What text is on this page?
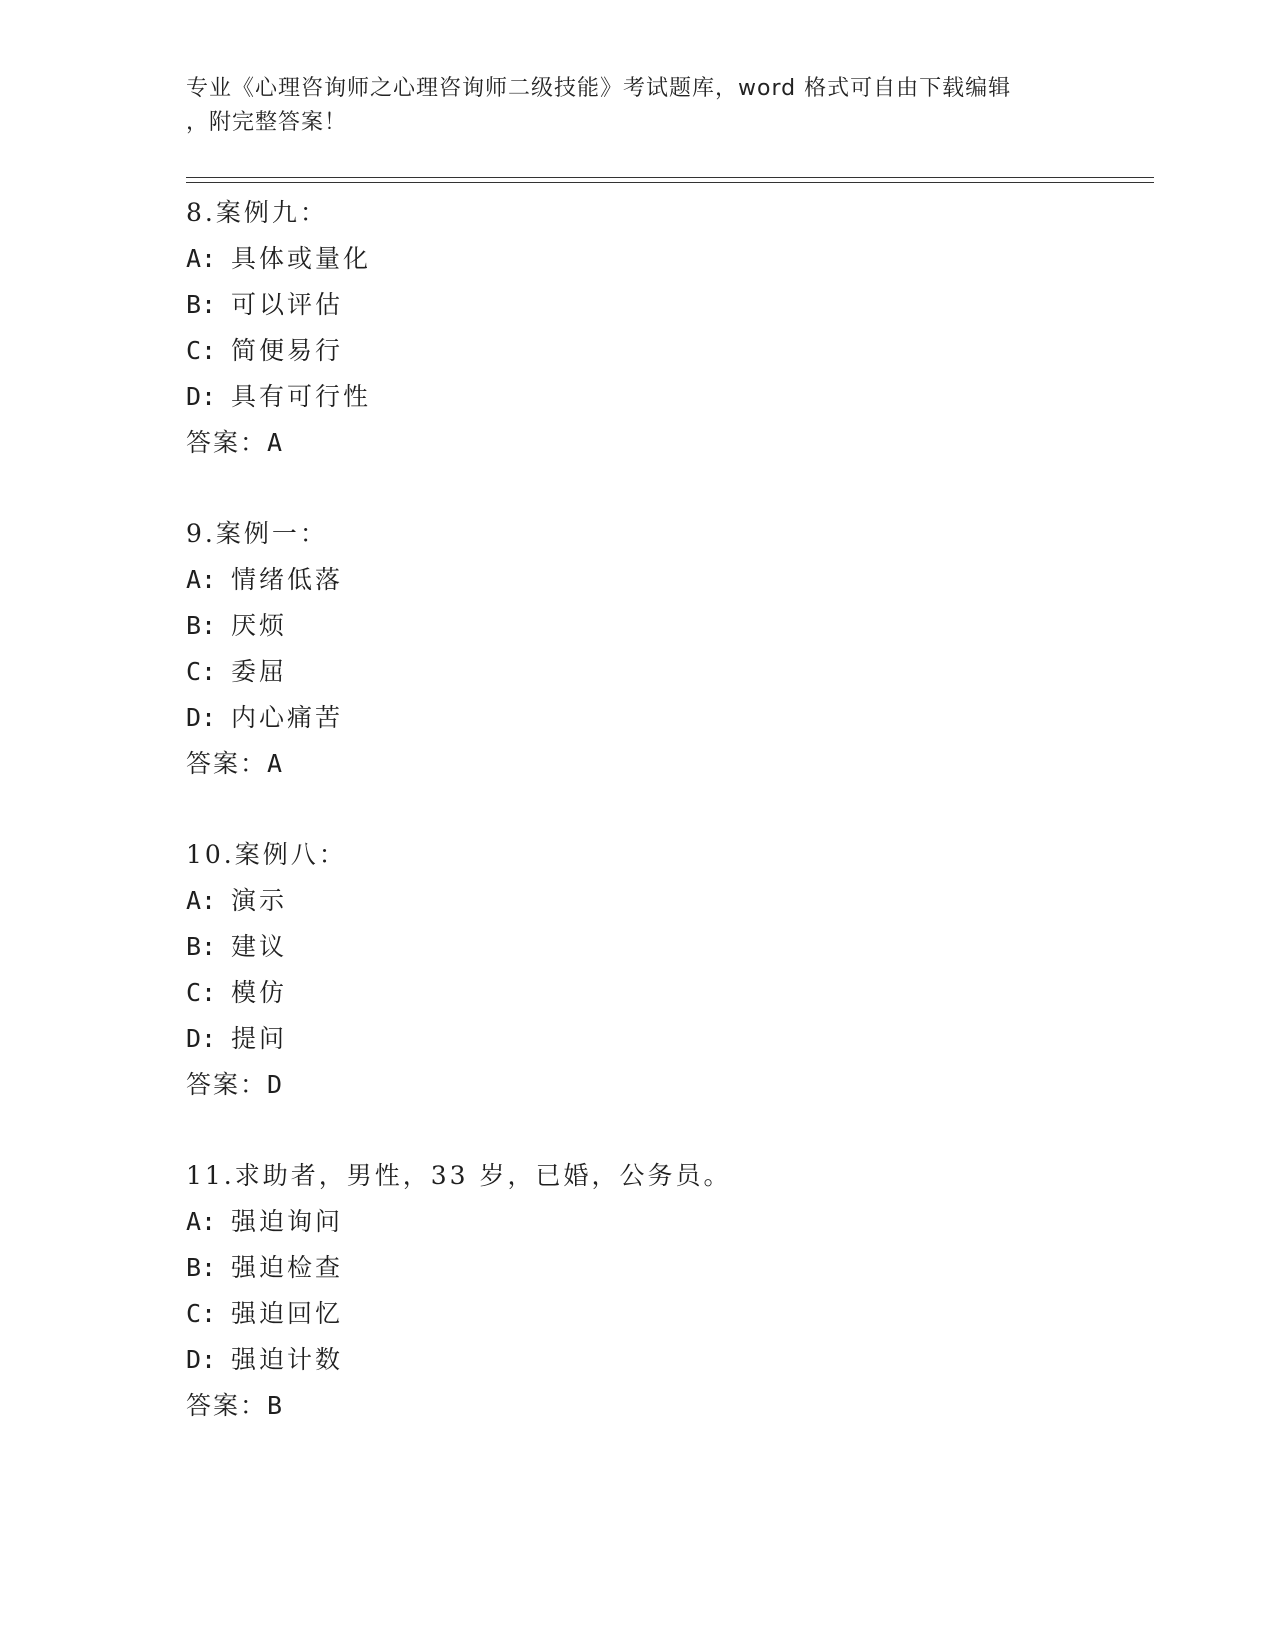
专业《心理咨询师之心理咨询师二级技能》考试题库，word 格式可自由下载编辑
，附完整答案！
8.案例九：
A: 具体或量化
B: 可以评估
C: 简便易行
D: 具有可行性
答案：A
9.案例一：
A: 情绪低落
B: 厌烦
C: 委屈
D: 内心痛苦
答案：A
10.案例八：
A: 演示
B: 建议
C: 模仿
D: 提问
答案：D
11.求助者，男性，33 岁，已婚，公务员。
A: 强迫询问
B: 强迫检查
C: 强迫回忆
D: 强迫计数
答案：B
